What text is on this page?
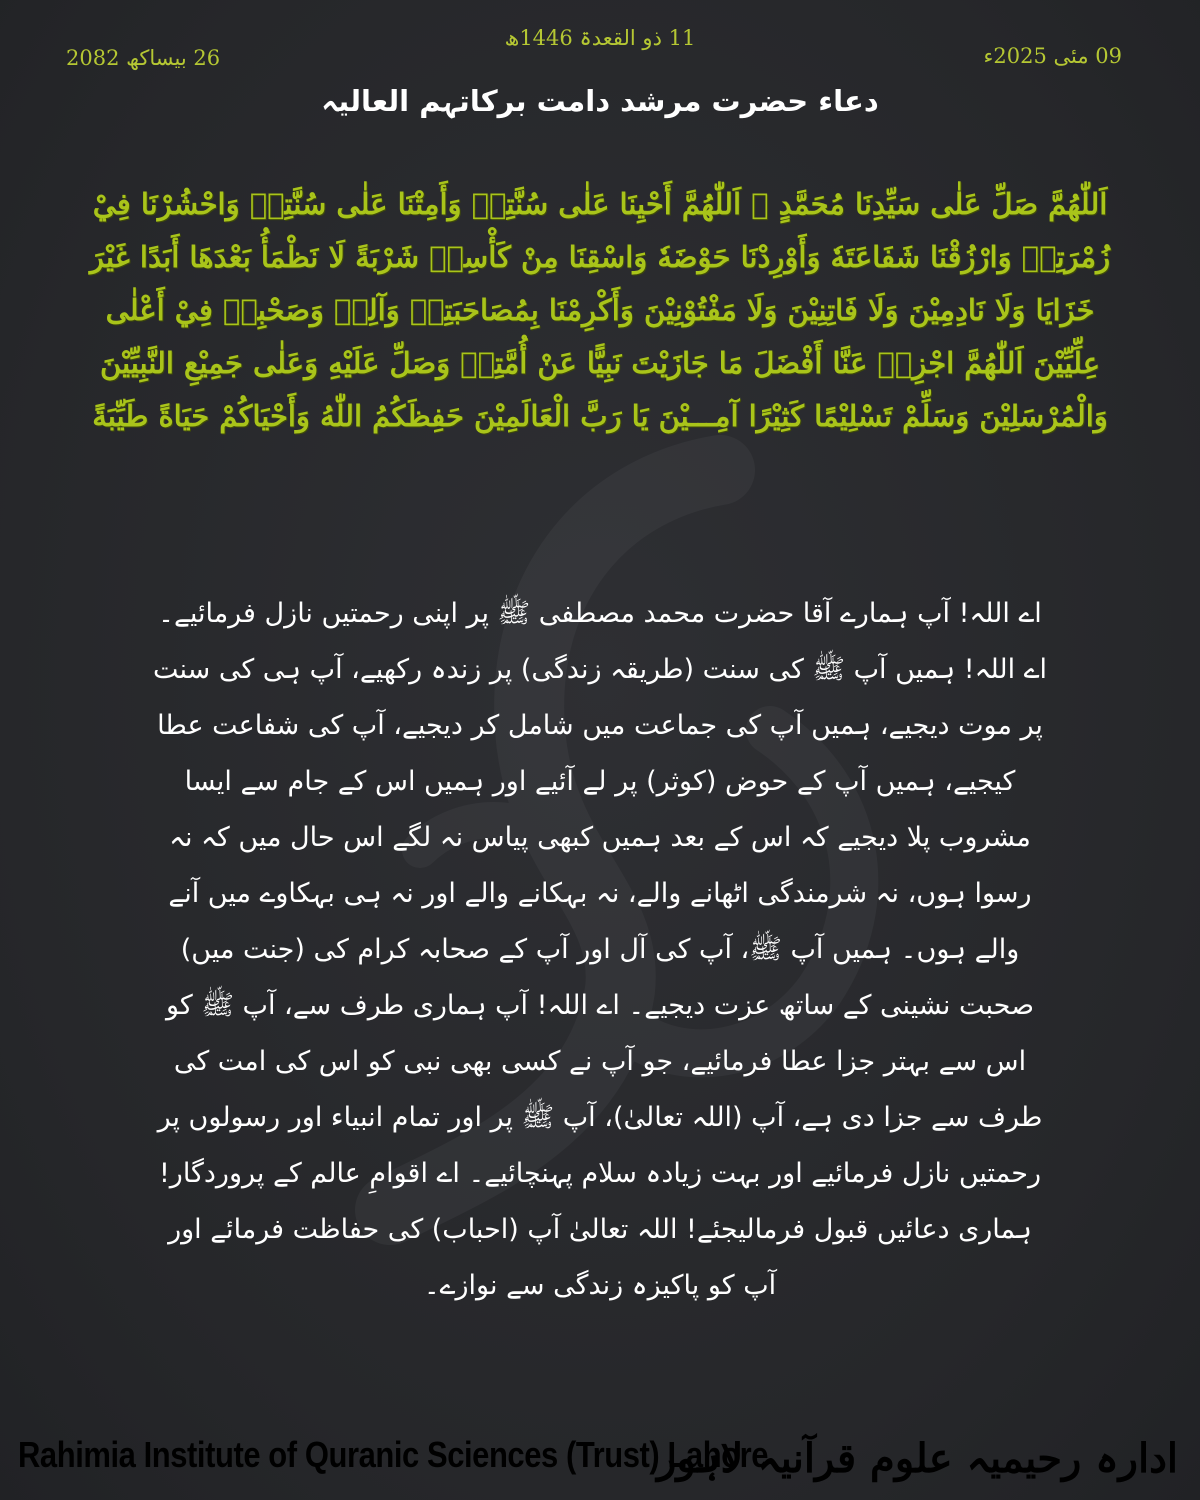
09 مئی 2025ء
11 ذو القعدۃ 1446ھ
26 بیساکھ 2082
دعاء حضرت مرشد دامت برکاتہم العالیہ
اَللّٰهُمَّ صَلِّ عَلٰى سَيِّدِنَا مُحَمَّدٍ ﷺ اَللّٰهُمَّ أَحْيِنَا عَلٰى سُنَّتِهٖ وَأَمِتْنَا عَلٰى سُنَّتِهٖ وَاحْشُرْنَا فِيْ زُمْرَتِهٖ وَارْزُقْنَا شَفَاعَتَهٗ وَأَوْرِدْنَا حَوْضَهٗ وَاسْقِنَا مِنْ كَأْسِهٖ شَرْبَةً لَا نَظْمَأُ بَعْدَهَا أَبَدًا غَيْرَ خَزَايَا وَلَا نَادِمِيْنَ وَلَا فَاتِنِيْنَ وَلَا مَفْتُوْنِيْنَ وَأَكْرِمْنَا بِمُصَاحَبَتِهٖ وَآلِهٖ وَصَحْبِهٖ فِيْ أَعْلٰى عِلِّيِّيْنَ اَللّٰهُمَّ اجْزِهٖ عَنَّا أَفْضَلَ مَا جَازَيْتَ نَبِيًّا عَنْ أُمَّتِهٖ وَصَلِّ عَلَيْهِ وَعَلٰى جَمِيْعِ النَّبِيِّيْنَ وَالْمُرْسَلِيْنَ وَسَلِّمْ تَسْلِيْمًا كَثِيْرًا آمِـــيْنَ يَا رَبَّ الْعَالَمِيْنَ حَفِظَكُمُ اللّٰهُ وَأَحْيَاكُمْ حَيَاةً طَيِّبَةً
اے اللہ! آپ ہمارے آقا حضرت محمد مصطفی ﷺ پر اپنی رحمتیں نازل فرمائیے۔ اے اللہ! ہمیں آپ ﷺ کی سنت (طریقہ زندگی) پر زندہ رکھیے، آپ ہی کی سنت پر موت دیجیے، ہمیں آپ کی جماعت میں شامل کر دیجیے، آپ کی شفاعت عطا کیجیے، ہمیں آپ کے حوض (کوثر) پر لے آئیے اور ہمیں اس کے جام سے ایسا مشروب پلا دیجیے کہ اس کے بعد ہمیں کبھی پیاس نہ لگے اس حال میں کہ نہ رسوا ہوں، نہ شرمندگی اٹھانے والے، نہ بہکانے والے اور نہ ہی بہکاوے میں آنے والے ہوں۔ ہمیں آپ ﷺ، آپ کی آل اور آپ کے صحابہ کرام کی (جنت میں) صحبت نشینی کے ساتھ عزت دیجیے۔ اے اللہ! آپ ہماری طرف سے، آپ ﷺ کو اس سے بہتر جزا عطا فرمائیے، جو آپ نے کسی بھی نبی کو اس کی امت کی طرف سے جزا دی ہے، آپ (اللہ تعالیٰ)، آپ ﷺ پر اور تمام انبیاء اور رسولوں پر رحمتیں نازل فرمائیے اور بہت زیادہ سلام پہنچائیے۔ اے اقوامِ عالم کے پروردگار! ہماری دعائیں قبول فرمالیجئے! اللہ تعالیٰ آپ (احباب) کی حفاظت فرمائے اور آپ کو پاکیزہ زندگی سے نوازے۔
Rahimia Institute of Quranic Sciences (Trust) Lahore
ادارہ رحیمیہ علوم قرآنیہ لاہور
